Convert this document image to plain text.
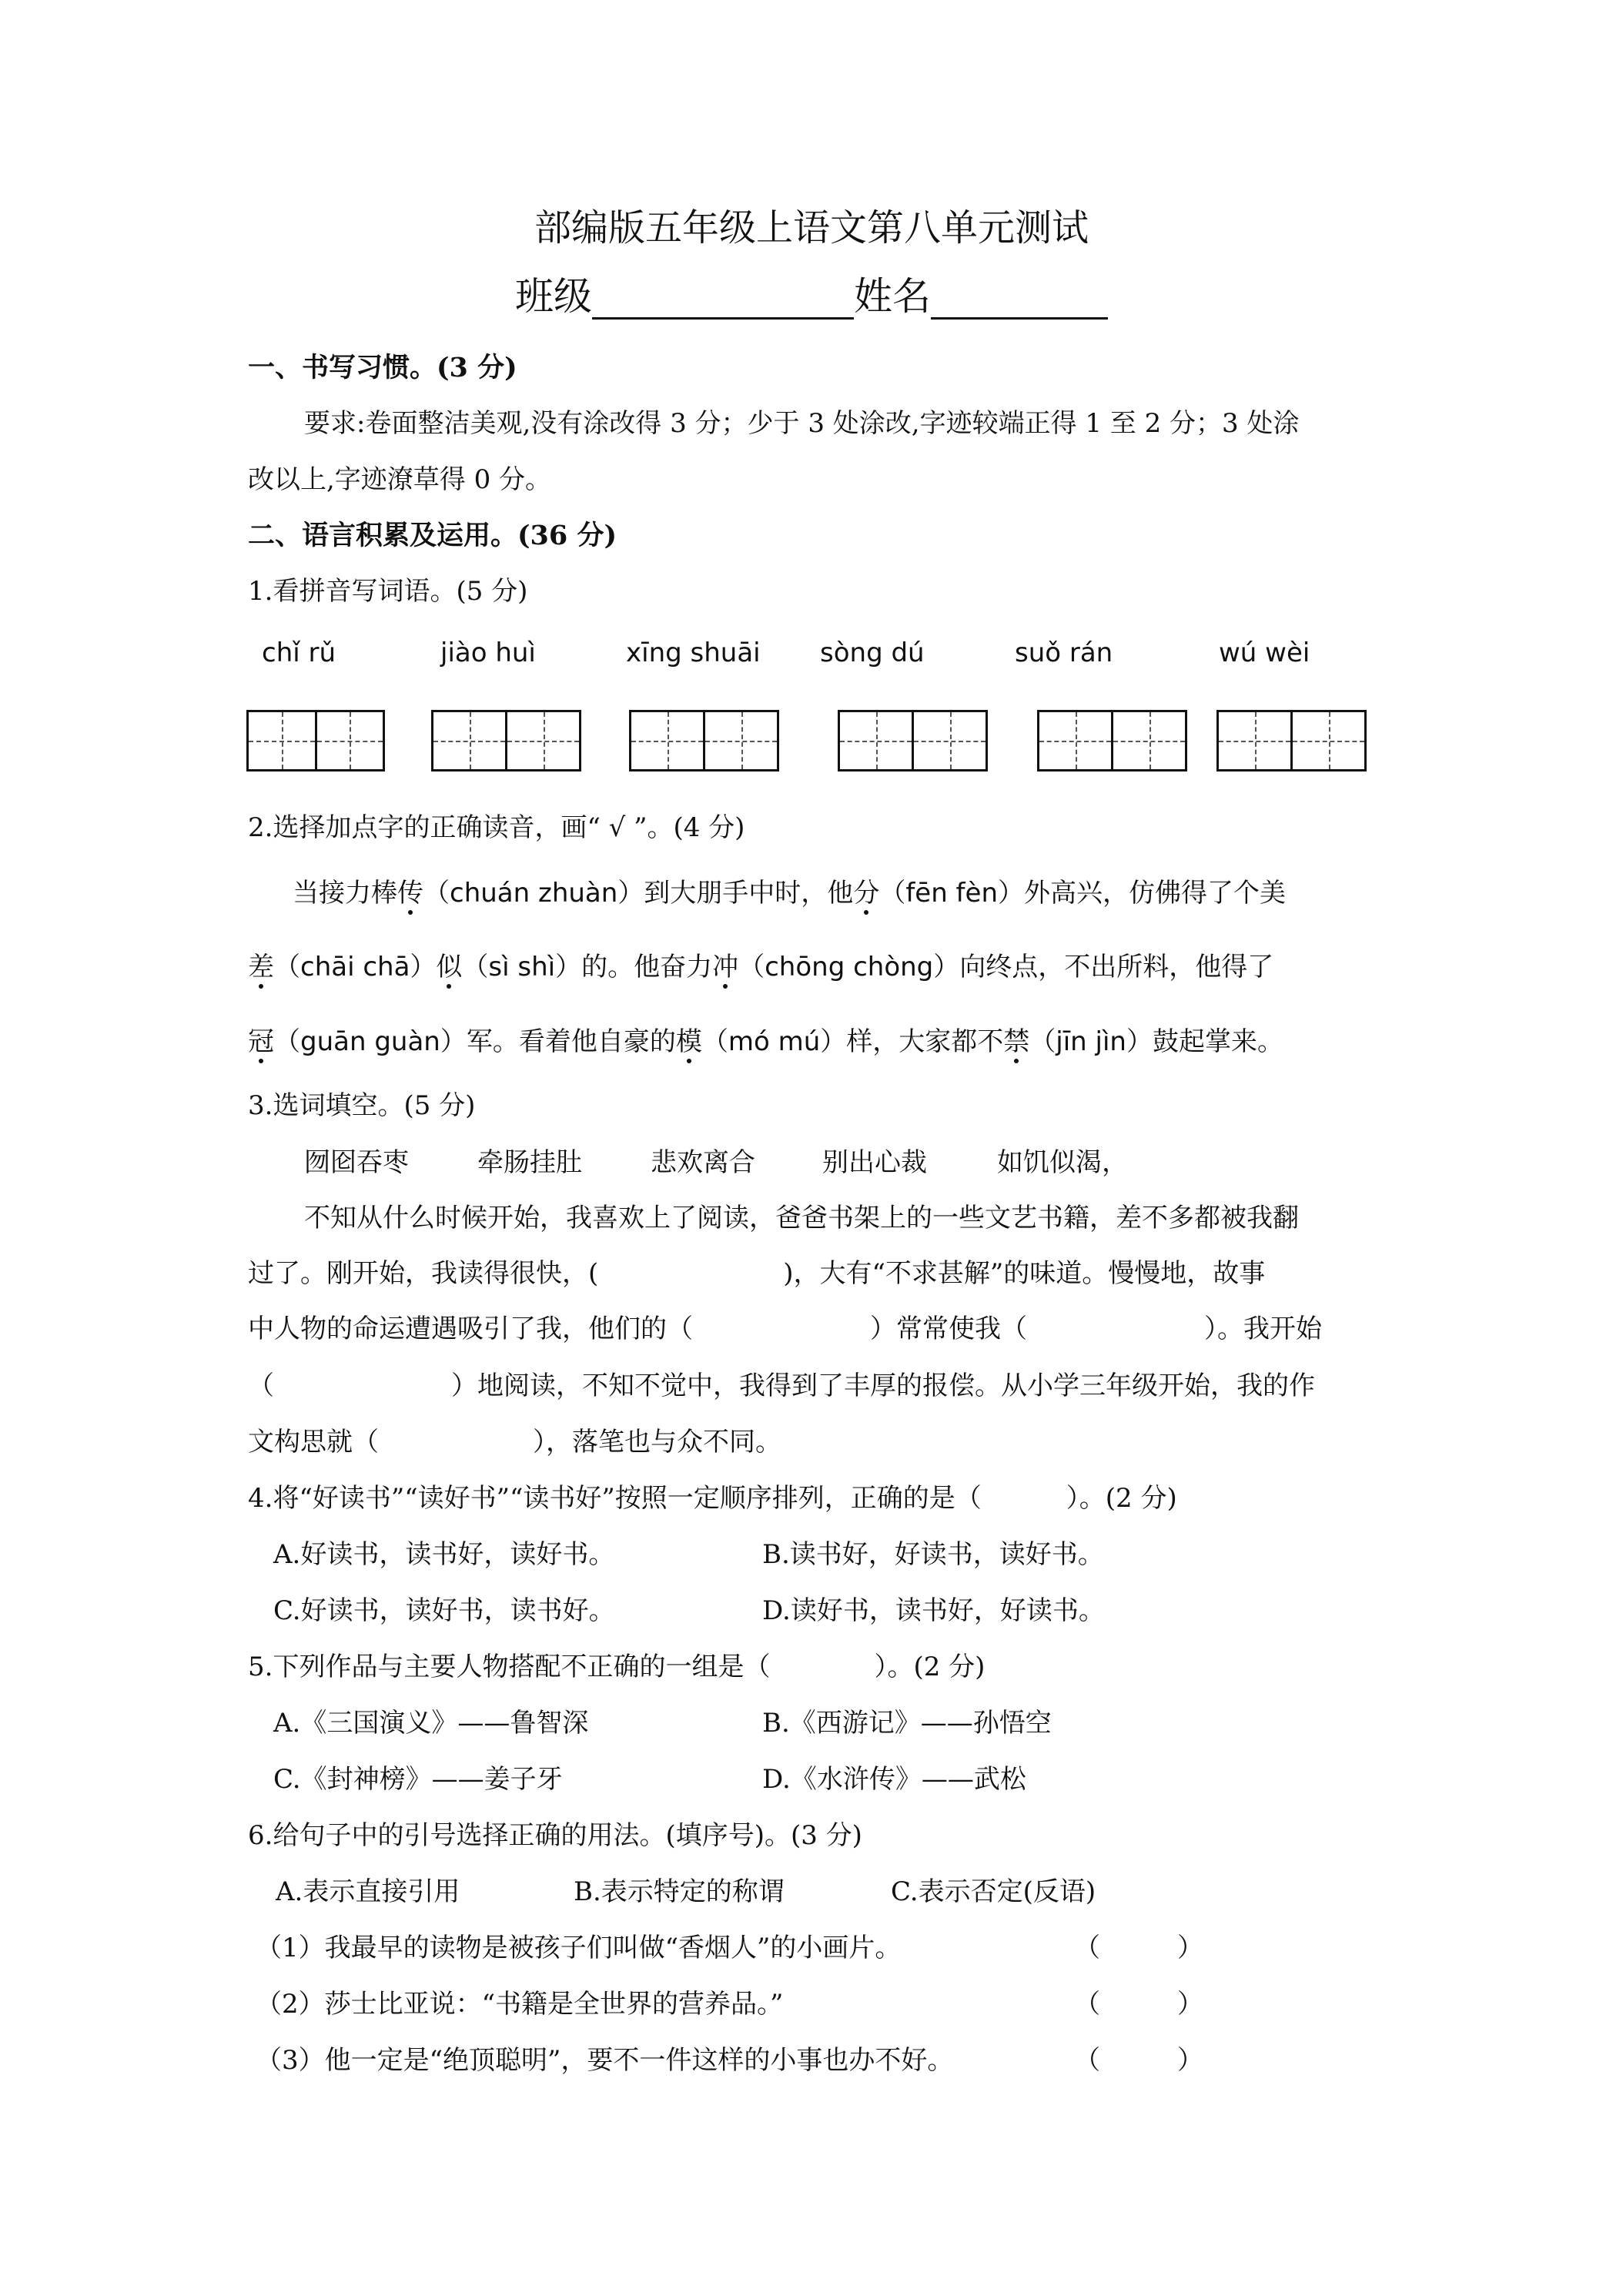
部编版五年级上语文第八单元测试
班级	姓名
一、书写习惯。(3 分)
要求:卷面整洁美观,没有涂改得 3 分；少于 3 处涂改,字迹较端正得 1 至 2 分；3 处涂
改以上,字迹潦草得 0 分。
二、语言积累及运用。(36 分)
1.看拼音写词语。(5 分)
chǐ rǔ	jiào huì	xīng shuāi sòng dú	suǒ rán	wú wèi
2.选择加点字的正确读音，画“ √ ”。(4 分)
当接力棒传（chuán zhuàn）到大朋手中时，他分（fēn fèn）外高兴，仿佛得了个美
差（chāi chā）似（sì shì）的。他奋力冲（chōng chòng）向终点，不出所料，他得了
冠（guān guàn）军。看着他自豪的模（mó mú）样，大家都不禁（jīn jìn）鼓起掌来。
3.选词填空。(5 分)
囫囵吞枣	牵肠挂肚	悲欢离合	别出心裁	如饥似渴，
不知从什么时候开始，我喜欢上了阅读，爸爸书架上的一些文艺书籍，差不多都被我翻
过了。刚开始，我读得很快，(	)，大有“不求甚解”的味道。慢慢地，故事
中人物的命运遭遇吸引了我，他们的（	）常常使我（	）。我开始
（	）地阅读，不知不觉中，我得到了丰厚的报偿。从小学三年级开始，我的作
文构思就（	），落笔也与众不同。
4.将“好读书”“读好书”“读书好”按照一定顺序排列，正确的是（	）。(2 分)
A.好读书，读书好，读好书。	B.读书好，好读书，读好书。
C.好读书，读好书，读书好。	D.读好书，读书好，好读书。
5.下列作品与主要人物搭配不正确的一组是（	）。(2 分)
A.《三国演义》——鲁智深	B.《西游记》——孙悟空
C.《封神榜》——姜子牙	D.《水浒传》——武松
6.给句子中的引号选择正确的用法。(填序号)。(3 分)
A.表示直接引用	B.表示特定的称谓	C.表示否定(反语)
（1）我最早的读物是被孩子们叫做“香烟人”的小画片。	（	）
（2）莎士比亚说：“书籍是全世界的营养品。”	（	）
（3）他一定是“绝顶聪明”，要不一件这样的小事也办不好。	（	）
